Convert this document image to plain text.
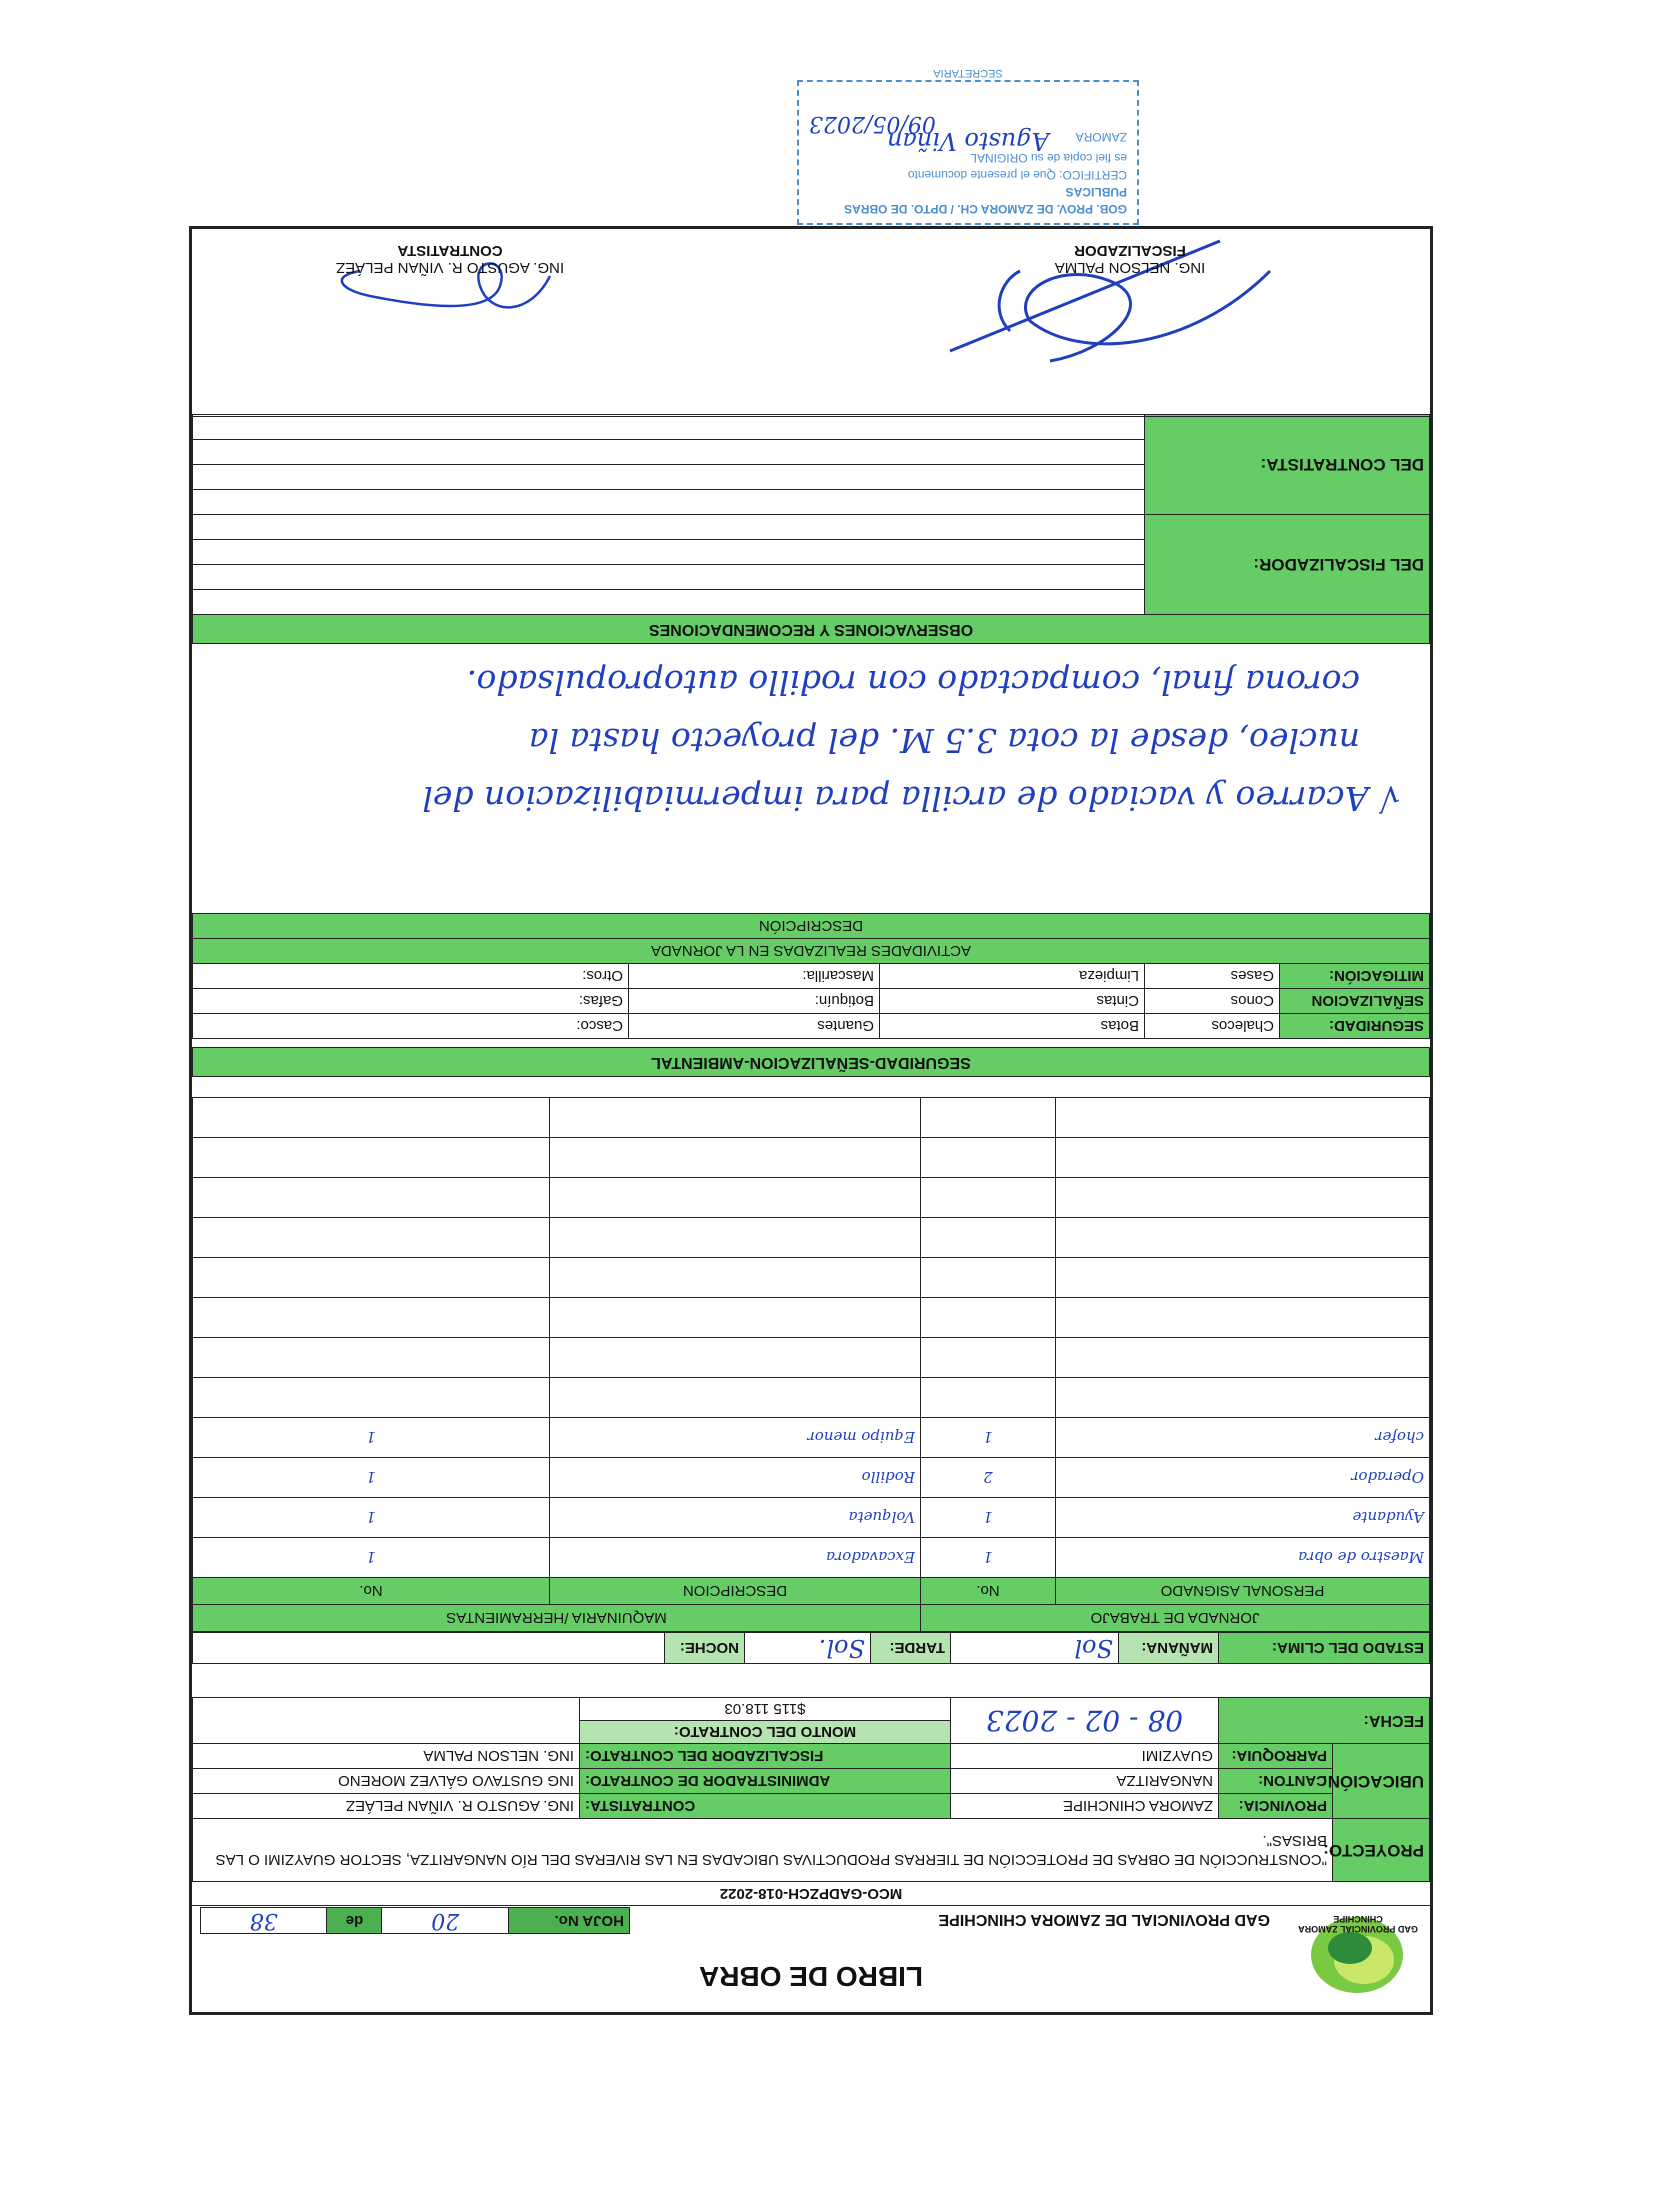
GOB. PROV. DE ZAMORA CH. / DPTO. DE OBRAS PUBLICAS
CERTIFICO: Que el presente documento
es fiel copia de su ORIGINAL
Agusto Viñan	ZAMORA
09/05/2023
SECRETARIA
LIBRO DE OBRA
GAD PROVINCIAL ZAMORA CHINCHIPE
GAD PROVINCIAL DE ZAMORA CHINCHIPE
HOJA No.	20	de	38
MCO-GADPZCH-018-2022
PROYECTO:	"CONSTRUCCIÓN DE OBRAS DE PROTECCIÓN DE TIERRAS PRODUCTIVAS UBICADAS EN LAS RIVERAS DEL RÍO NANGARITZA, SECTOR GUAYZIMI O LAS BRISAS".			
UBICACIÓN:	PROVINCIA:	ZAMORA CHINCHIPE	CONTRATISTA:	ING. AGUSTO R. VIÑAN PELÁEZ
	CANTON:	NANGARITZA	ADMINISTRADOR DE CONTRATO:	ING GUSTAVO GÁLVEZ MORENO
	PARROQUIA:	GUAYZIMI	FISCALIZADOR DEL CONTRATO:	ING. NELSON PALMA
FECHA:		08 - 02 - 2023	MONTO DEL CONTRATO:	
			$115 118.03	
ESTADO DEL CLIMA:	MAÑANA:	Sol	TARDE:	Sol.	NOCHE:	
JORNADA DE TRABAJO		MAQUINARIA /HERRAMIENTAS	
PERSONAL ASIGNADO	No.	DESCRIPCION	No.
Maestro de obra	1	Excavadora	1
Ayudante	1	Volqueta	1
Operador	2	Rodillo	1
chofer	1	Equipo menor	1

SEGURIDAD-SEÑALIZACION-AMBIENTAL				

SEGURIDAD:	Chalecos	Botas	Guantes	Casco:
SEÑALIZACION	Conos	Cintas	Botiquín:	Gafas:
MITIGACIÓN:	Gases	Limpieza	Mascarilla:	Otros:
ACTIVIDADES REALIZADAS EN LA JORNADA				
DESCRIPCIÓN				
√ Acarreo y vaciado de arcilla para impermiabilizacion del
nucleo, desde la cota 3.5 M. del proyecto hasta la
corona final, compactado con rodillo autopropulsado.
OBSERVACIONES Y RECOMENDACIONES	
DEL FISCALIZADOR:	

DEL CONTRATISTA:	

ING. AGUSTO R. VIÑAN PELÁEZ
CONTRATISTA
ING. NELSON PALMA
FISCALIZADOR
